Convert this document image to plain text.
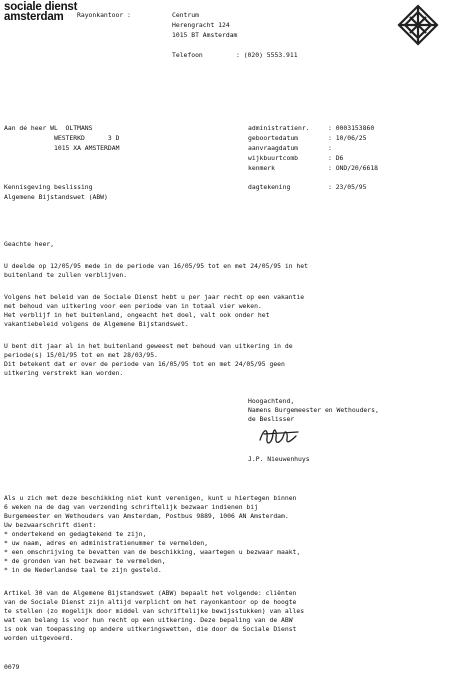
sociale dienst
amsterdam Rayonkantoor :	Centrum
Herengracht 124
1015 BT Amsterdam
Telefoon	: (020) 5553.911
Aan de heer WL  OLTMANS
WESTERKD      3 D
1015 XA AMSTERDAM
administratienr.	: 0003153860
geboortedatum	: 10/06/25
aanvraagdatum	:
wijkbuurtcomb	: D6
kenmerk	: OND/20/6618
Kennisgeving beslissing
Algemene Bijstandswet (ABW)
dagtekening	: 23/05/95
Geachte heer,
U deelde op 12/05/95 mede in de periode van 16/05/95 tot en met 24/05/95 in het
buitenland te zullen verblijven.
Volgens het beleid van de Sociale Dienst hebt u per jaar recht op een vakantie
met behoud van uitkering voor een periode van in totaal vier weken.
Het verblijf in het buitenland, ongeacht het doel, valt ook onder het
vakantiebeleid volgens de Algemene Bijstandswet.
U bent dit jaar al in het buitenland geweest met behoud van uitkering in de
periode(s) 15/01/95 tot en met 28/03/95.
Dit betekent dat er over de periode van 16/05/95 tot en met 24/05/95 geen
uitkering verstrekt kan worden.
Hoogachtend,
Namens Burgemeester en Wethouders,
de Beslisser
J.P. Nieuwenhuys
Als u zich met deze beschikking niet kunt verenigen, kunt u hiertegen binnen
6 weken na de dag van verzending schriftelijk bezwaar indienen bij
Burgemeester en Wethouders van Amsterdam, Postbus 9889, 1006 AN Amsterdam.
Uw bezwaarschrift dient:
* ondertekend en gedagtekend te zijn,
* uw naam, adres en administratienummer te vermelden,
* een omschrijving te bevatten van de beschikking, waartegen u bezwaar maakt,
* de gronden van het bezwaar te vermelden,
* in de Nederlandse taal te zijn gesteld.
Artikel 30 van de Algemene Bijstandswet (ABW) bepaalt het volgende: cliënten
van de Sociale Dienst zijn altijd verplicht om het rayonkantoor op de hoogte
te stellen (zo mogelijk door middel van schriftelijke bewijsstukken) van alles
wat van belang is voor hun recht op een uitkering. Deze bepaling van de ABW
is ook van toepassing op andere uitkeringswetten, die door de Sociale Dienst
worden uitgevoerd.
0079
